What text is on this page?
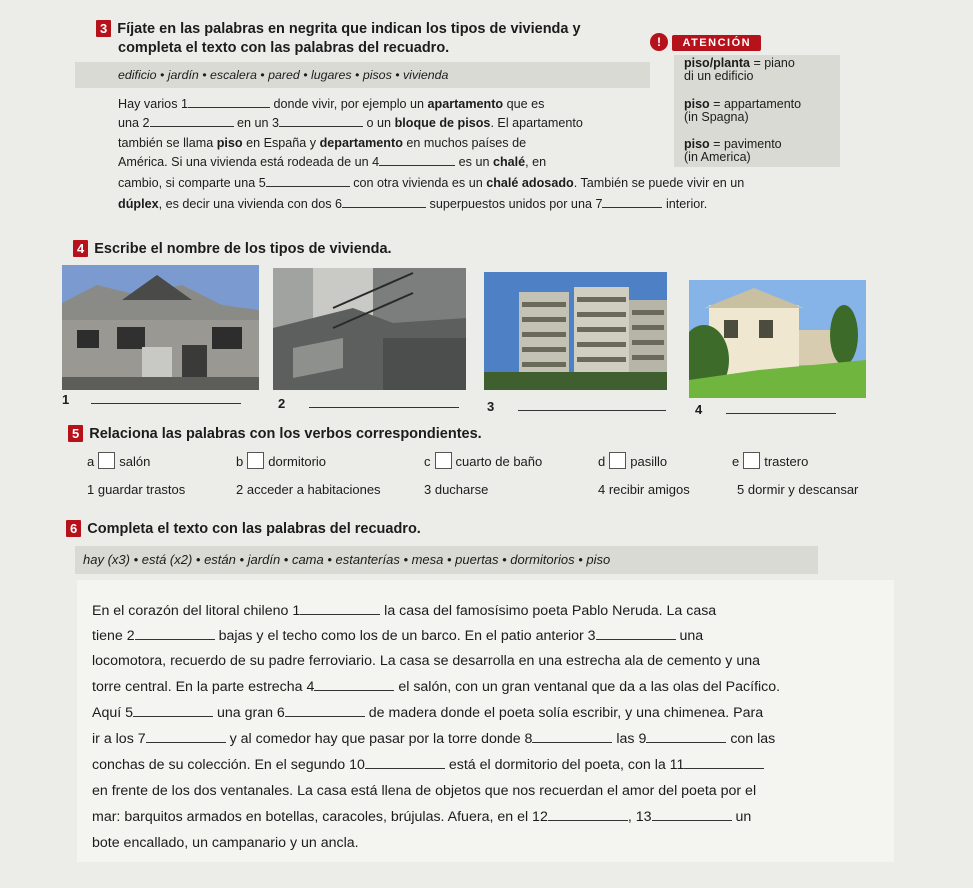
3 Fíjate en las palabras en negrita que indican los tipos de vivienda y
completa el texto con las palabras del recuadro.
edificio • jardín • escalera • pared • lugares • pisos • vivienda
Hay varios 1	donde vivir, por ejemplo un apartamento que es
una 2	en un 3	o un bloque de pisos. El apartamento
también se llama piso en España y departamento en muchos países de
América. Si una vivienda está rodeada de un 4	es un chalé, en
cambio, si comparte una 5	con otra vivienda es un chalé adosado. También se puede vivir en un
dúplex, es decir una vivienda con dos 6	superpuestos unidos por una 7	interior.
! ATENCIÓN
piso/planta = piano
di un edificio
piso = appartamento
(in Spagna)
piso = pavimento
(in America)
4 Escribe el nombre de los tipos de vivienda.
1	2	3	4
5 Relaciona las palabras con los verbos correspondientes.
a salón	b dormitorio	c cuarto de baño	d pasillo	e trastero
1 guardar trastos	2 acceder a habitaciones	3 ducharse	4 recibir amigos	5 dormir y descansar
6 Completa el texto con las palabras del recuadro.
hay (x3) • está (x2) • están • jardín • cama • estanterías • mesa • puertas • dormitorios • piso
En el corazón del litoral chileno 1	la casa del famosísimo poeta Pablo Neruda. La casa
tiene 2	bajas y el techo como los de un barco. En el patio anterior 3	una
locomotora, recuerdo de su padre ferroviario. La casa se desarrolla en una estrecha ala de cemento y una
torre central. En la parte estrecha 4	el salón, con un gran ventanal que da a las olas del Pacífico.
Aquí 5	una gran 6	de madera donde el poeta solía escribir, y una chimenea. Para
ir a los 7	y al comedor hay que pasar por la torre donde 8	las 9	con las
conchas de su colección. En el segundo 10	está el dormitorio del poeta, con la 11
en frente de los dos ventanales. La casa está llena de objetos que nos recuerdan el amor del poeta por el
mar: barquitos armados en botellas, caracoles, brújulas. Afuera, en el 12	, 13	un
bote encallado, un campanario y un ancla.
